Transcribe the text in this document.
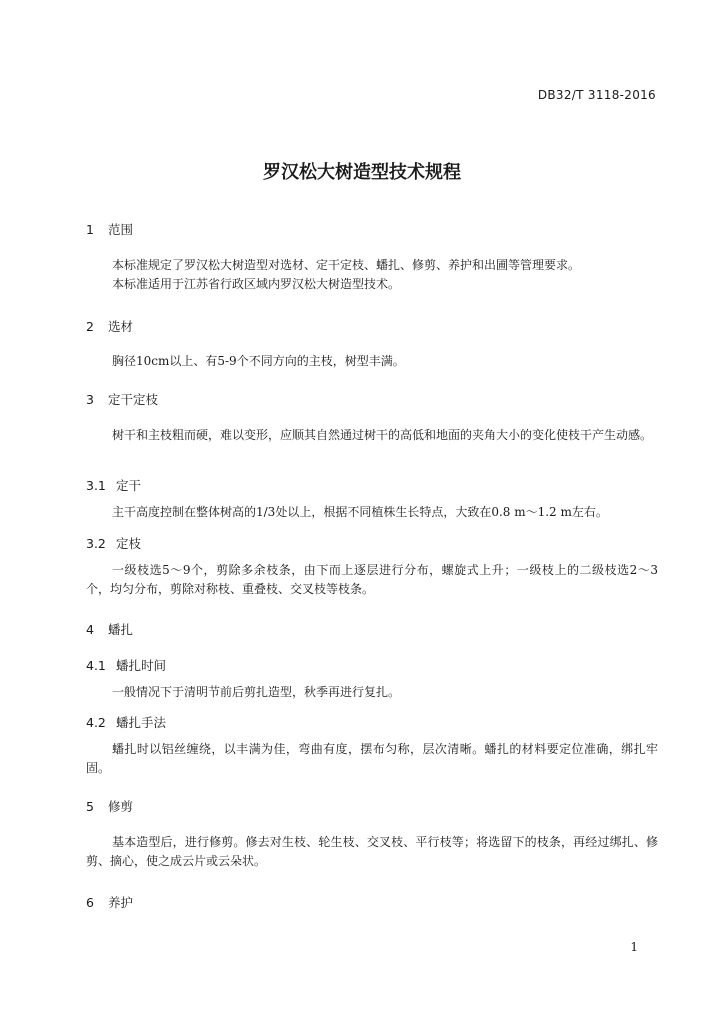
DB32/T 3118-2016
罗汉松大树造型技术规程
1 范围

本标准规定了罗汉松大树造型对选材、定干定枝、蟠扎、修剪、养护和出圃等管理要求。

本标准适用于江苏省行政区域内罗汉松大树造型技术。

2 选材

胸径10cm以上、有5-9个不同方向的主枝，树型丰满。

3 定干定枝

树干和主枝粗而硬，难以变形，应顺其自然通过树干的高低和地面的夹角大小的变化使枝干产生动感。

3.1 定干

主干高度控制在整体树高的1/3处以上，根据不同植株生长特点，大致在0.8 m～1.2 m左右。

3.2 定枝

一级枝选5～9个，剪除多余枝条，由下而上逐层进行分布，螺旋式上升；一级枝上的二级枝选2～3个，均匀分布，剪除对称枝、重叠枝、交叉枝等枝条。

4 蟠扎
4.1 蟠扎时间

一般情况下于清明节前后剪扎造型，秋季再进行复扎。

4.2 蟠扎手法

蟠扎时以铝丝缠绕，以丰满为佳，弯曲有度，摆布匀称，层次清晰。蟠扎的材料要定位准确，绑扎牢固。

5 修剪

基本造型后，进行修剪。修去对生枝、轮生枝、交叉枝、平行枝等；将选留下的枝条，再经过绑扎、修剪、摘心，使之成云片或云朵状。

6 养护
1
